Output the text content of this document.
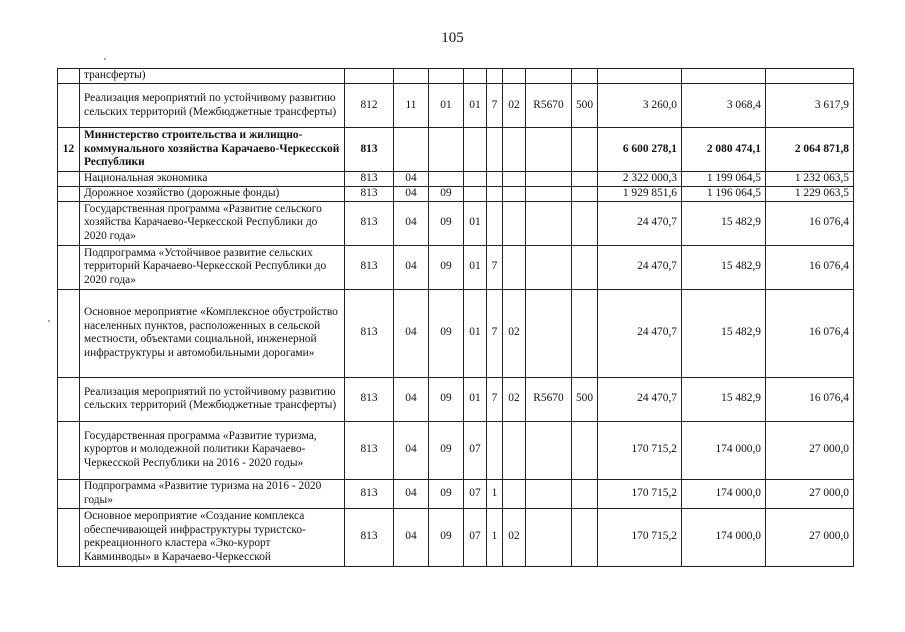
105
	трансферты)											
	Реализация мероприятий по устойчивому развитию сельских территорий (Межбюджетные трансферты)	812	11	01	01	7	02	R5670	500	3 260,0	3 068,4	3 617,9
12	Министерство строительства и жилищно-коммунального хозяйства Карачаево-Черкесской Республики	813								6 600 278,1	2 080 474,1	2 064 871,8
	Национальная экономика	813	04							2 322 000,3	1 199 064,5	1 232 063,5
	Дорожное хозяйство (дорожные фонды)	813	04	09						1 929 851,6	1 196 064,5	1 229 063,5
	Государственная программа «Развитие сельского хозяйства Карачаево-Черкесской Республики до 2020 года»	813	04	09	01					24 470,7	15 482,9	16 076,4
	Подпрограмма «Устойчивое развитие сельских территорий Карачаево-Черкесской Республики до 2020 года»	813	04	09	01	7				24 470,7	15 482,9	16 076,4
	Основное мероприятие «Комплексное обустройство населенных пунктов, расположенных в сельской местности, объектами социальной, инженерной инфраструктуры и автомобильными дорогами»	813	04	09	01	7	02			24 470,7	15 482,9	16 076,4
	Реализация мероприятий по устойчивому развитию сельских территорий (Межбюджетные трансферты)	813	04	09	01	7	02	R5670	500	24 470,7	15 482,9	16 076,4
	Государственная программа «Развитие туризма, курортов и молодежной политики Карачаево-Черкесской Республики на 2016 - 2020 годы»	813	04	09	07					170 715,2	174 000,0	27 000,0
	Подпрограмма «Развитие туризма на 2016 - 2020 годы»	813	04	09	07	1				170 715,2	174 000,0	27 000,0
	Основное мероприятие «Создание комплекса обеспечивающей инфраструктуры туристско-рекреационного кластера «Эко-курорт Кавминводы» в Карачаево-Черкесской	813	04	09	07	1	02			170 715,2	174 000,0	27 000,0
